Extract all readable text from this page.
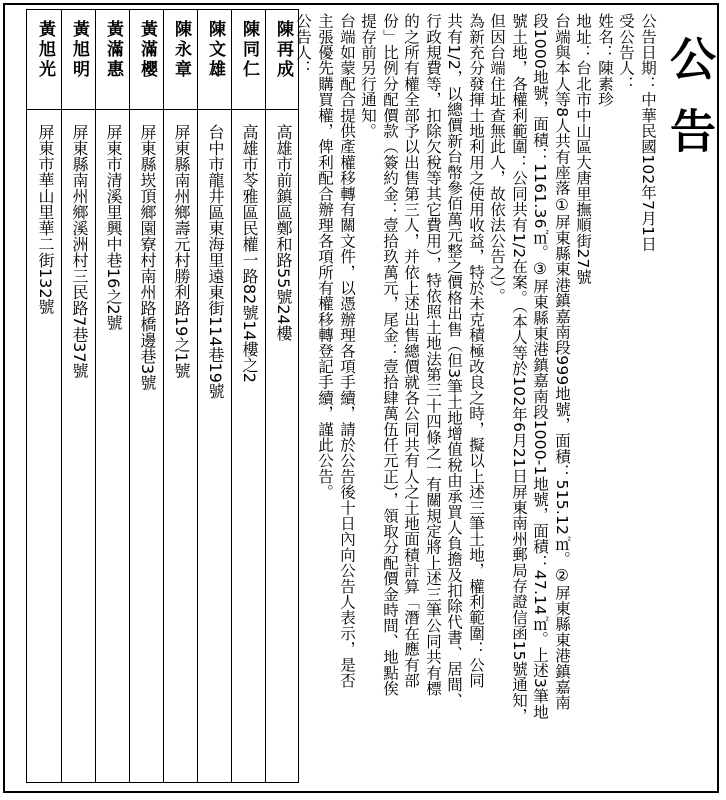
公告
公告日期：中華民國102年7月1日
受公告人：
姓名：陳素珍
地址：台北市中山區大唐里撫順街27號
台端與本人等8人共有座落①屏東縣東港鎮嘉南段999地號，面積：515.12㎡。②屏東縣東港鎮嘉南
段1000地號，面積：1161.36㎡。③屏東縣東港鎮嘉南段1000-1地號，面積：47.14㎡。上述3筆地
號土地，各權利範圍：公同共有1/2在案。（本人等於102年6月21日屏東南州郵局存證信函15號通知，
但因台端住址查無此人，故依法公告之）。
為新充分發揮土地利用之使用收益，特於未克積極改良之時，擬以上述三筆土地，權利範圍：公同
共有1/2，以總價新台幣參佰萬元整之價格出售（但3筆土地增值稅由承買人負擔及扣除代書、居間、
行政規費等，扣除欠稅等其它費用），特依照土地法第三十四條之一有關規定將上述三筆公同共有標
的之所有權全部予以出售第三人，并依上述出售總價就各公同共有人之土地面積計算「潛在應有部
份」比例分配價款（簽約金：壹拾玖萬元，尾金：壹拾肆萬伍仟元正），領取分配價金時間、地點俟
提存前另行通知。
台端如蒙配合提供產權移轉有關文件，以憑辦理各項手續，請於公告後十日內向公告人表示，是否
主張優先購買權，俾利配合辦理各項所有權移轉登記手續，謹此公告。
公告人：
陳再成
高雄市前鎮區鄭和路55號24樓
陳同仁
高雄市苓雅區民權一路82號14樓之2
陳文雄
台中市龍井區東海里遠東街114巷19號
陳永章
屏東縣南州鄉壽元村勝利路19之1號
黃滿櫻
屏東縣崁頂鄉園寮村南州路橋邊巷3號
黃滿惠
屏東市清溪里興中巷16之2號
黃旭明
屏東縣南州鄉溪洲村三民路7巷37號
黃旭光
屏東市華山里華二街132號
